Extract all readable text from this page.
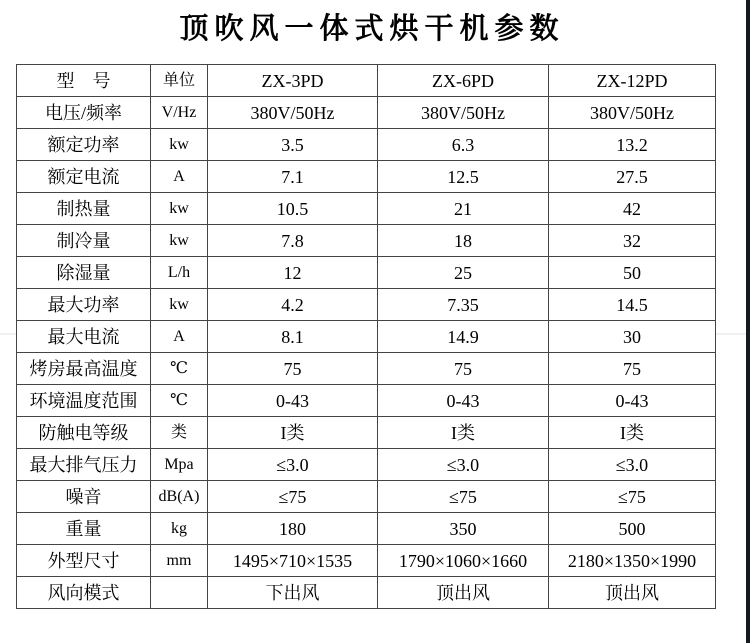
顶吹风一体式烘干机参数
型　号	单位	ZX-3PD	ZX-6PD	ZX-12PD
电压/频率	V/Hz	380V/50Hz	380V/50Hz	380V/50Hz
额定功率	kw	3.5	6.3	13.2
额定电流	A	7.1	12.5	27.5
制热量	kw	10.5	21	42
制冷量	kw	7.8	18	32
除湿量	L/h	12	25	50
最大功率	kw	4.2	7.35	14.5
最大电流	A	8.1	14.9	30
烤房最高温度	℃	75	75	75
环境温度范围	℃	0-43	0-43	0-43
防触电等级	类	I类	I类	I类
最大排气压力	Mpa	≤3.0	≤3.0	≤3.0
噪音	dB(A)	≤75	≤75	≤75
重量	kg	180	350	500
外型尺寸	mm	1495×710×1535	1790×1060×1660	2180×1350×1990
风向模式		下出风	顶出风	顶出风
